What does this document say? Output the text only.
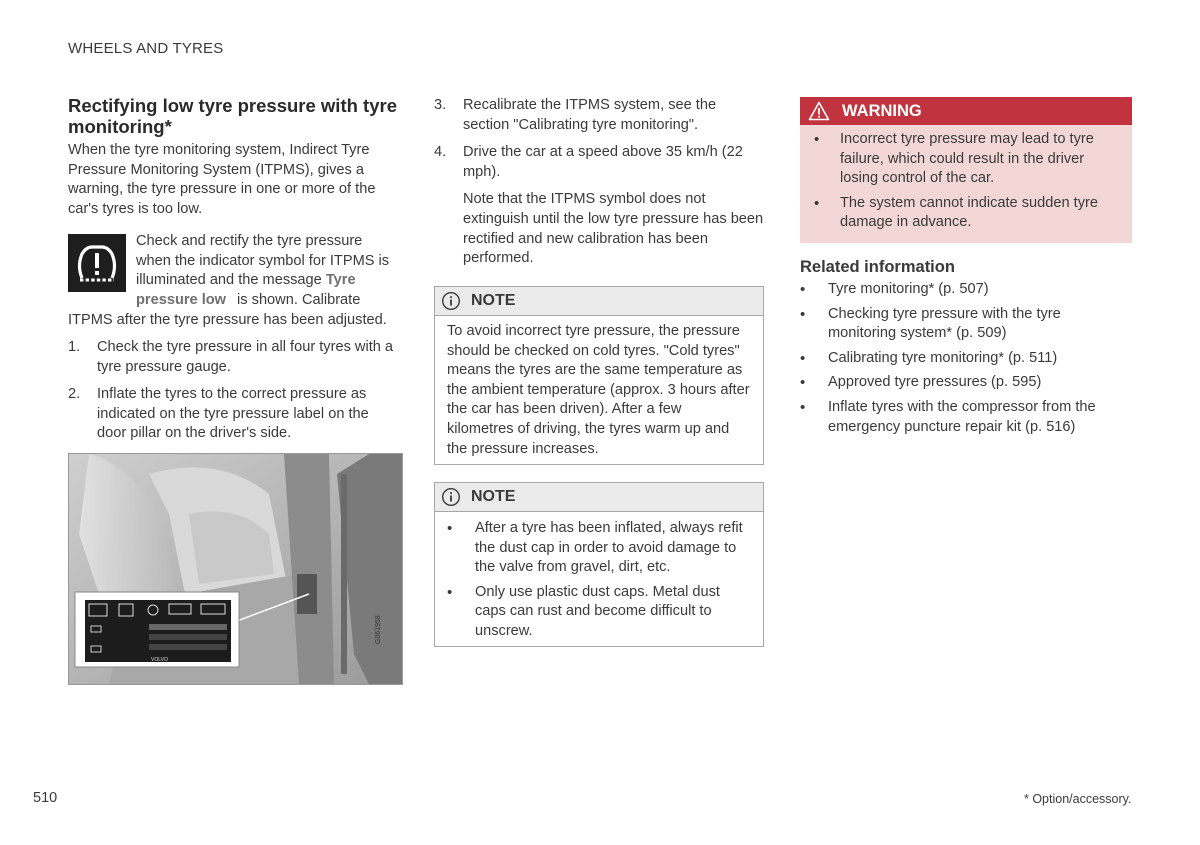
WHEELS AND TYRES
Rectifying low tyre pressure with tyre monitoring*
When the tyre monitoring system, Indirect Tyre Pressure Monitoring System (ITPMS), gives a warning, the tyre pressure in one or more of the car's tyres is too low.
Check and rectify the tyre pressure when the indicator symbol for ITPMS is illuminated and the message Tyre pressure low is shown. Calibrate ITPMS after the tyre pressure has been adjusted.
1. Check the tyre pressure in all four tyres with a tyre pressure gauge.
2. Inflate the tyres to the correct pressure as indicated on the tyre pressure label on the door pillar on the driver's side.
VOLVO
G061958
3. Recalibrate the ITPMS system, see the section "Calibrating tyre monitoring".
4. Drive the car at a speed above 35 km/h (22 mph).
Note that the ITPMS symbol does not extinguish until the low tyre pressure has been rectified and new calibration has been performed.
NOTE
To avoid incorrect tyre pressure, the pressure should be checked on cold tyres. "Cold tyres" means the tyres are the same temperature as the ambient temperature (approx. 3 hours after the car has been driven). After a few kilometres of driving, the tyres warm up and the pressure increases.
NOTE
• After a tyre has been inflated, always refit the dust cap in order to avoid damage to the valve from gravel, dirt, etc.
• Only use plastic dust caps. Metal dust caps can rust and become difficult to unscrew.
WARNING
• Incorrect tyre pressure may lead to tyre failure, which could result in the driver losing control of the car.
• The system cannot indicate sudden tyre damage in advance.
Related information
• Tyre monitoring* (p. 507)
• Checking tyre pressure with the tyre monitoring system* (p. 509)
• Calibrating tyre monitoring* (p. 511)
• Approved tyre pressures (p. 595)
• Inflate tyres with the compressor from the emergency puncture repair kit (p. 516)
510	* Option/accessory.
